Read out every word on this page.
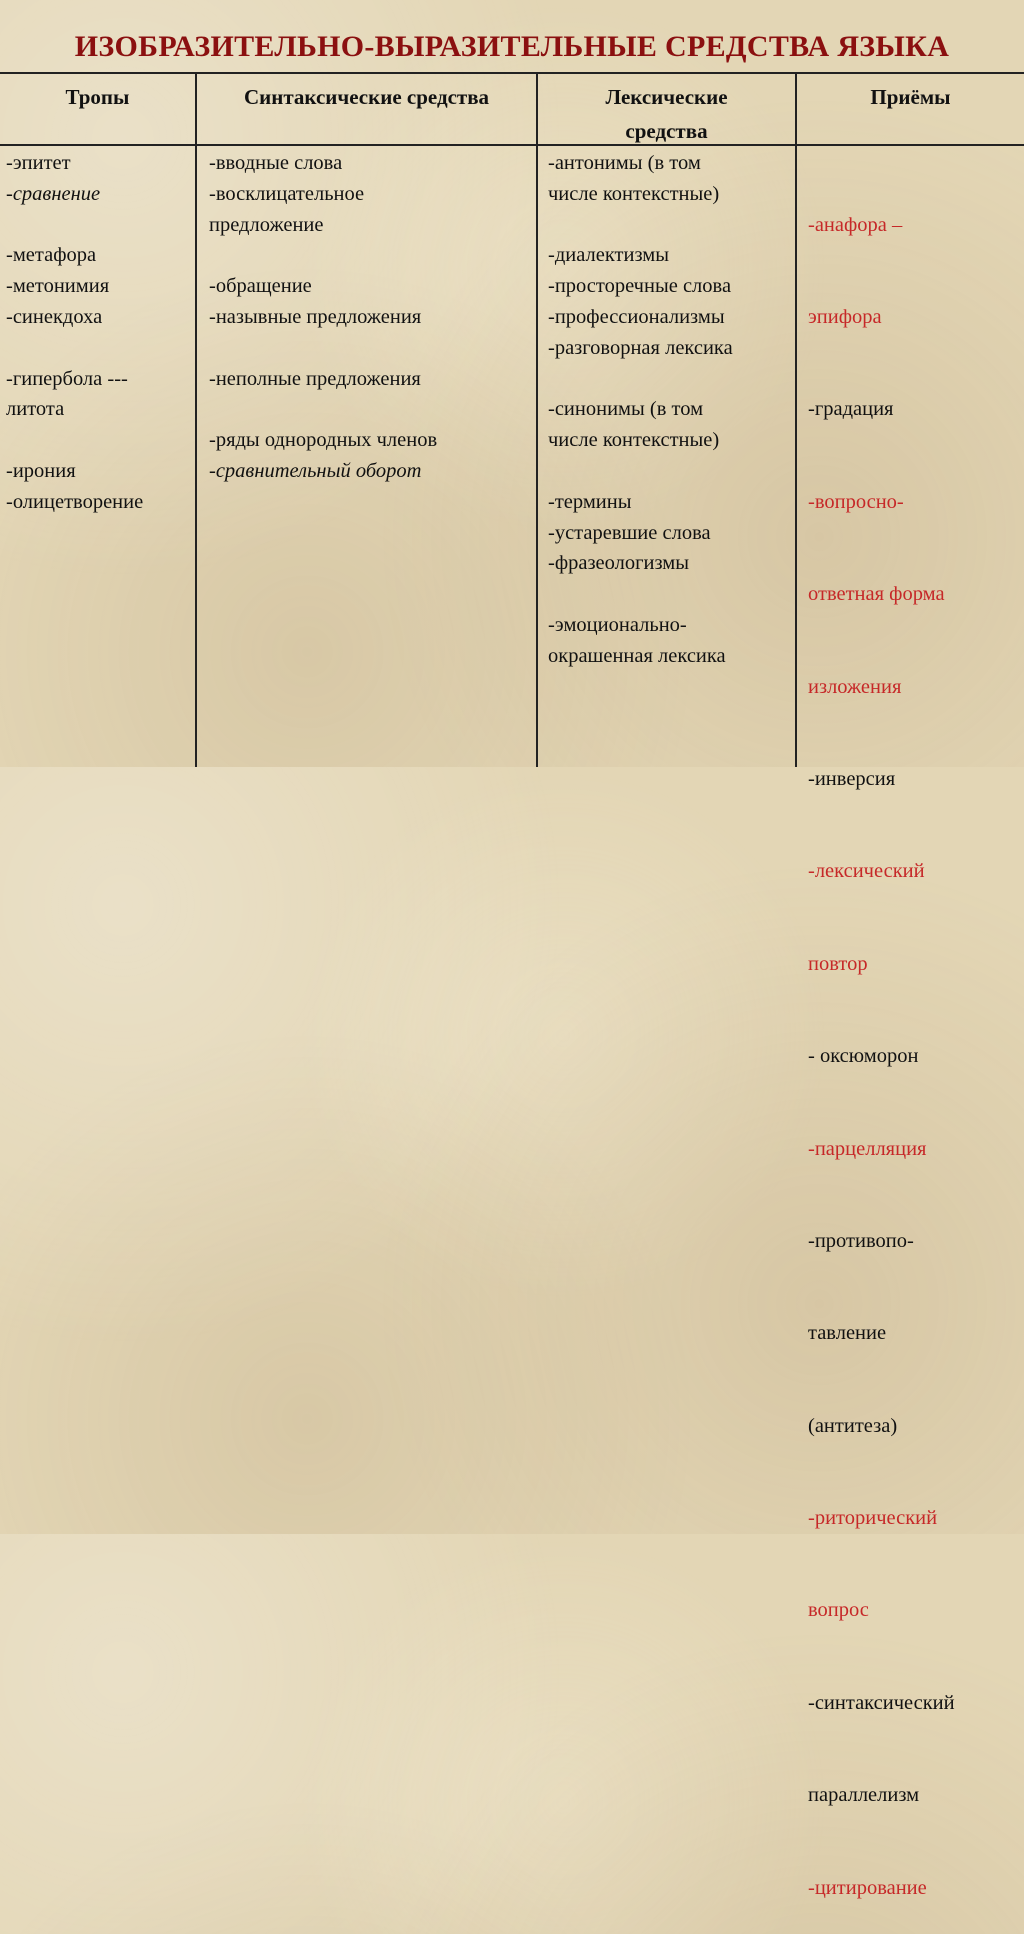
ИЗОБРАЗИТЕЛЬНО-ВЫРАЗИТЕЛЬНЫЕ СРЕДСТВА ЯЗЫКА
Тропы	Синтаксические средства	Лексические
средства
Приёмы
-эпитет
-сравнение

-метафора
-метонимия
-синекдоха

-гипербола ---
литота

-ирония
-олицетворение
-вводные слова
-восклицательное
предложение

-обращение
-назывные предложения

-неполные предложения

-ряды однородных членов
-сравнительный оборот
-антонимы (в том
числе контекстные)

-диалектизмы
-просторечные слова
-профессионализмы
-разговорная лексика

-синонимы (в том
числе контекстные)

-термины
-устаревшие слова
-фразеологизмы

-эмоционально-
окрашенная лексика

-анафора –

эпифора

-градация

-вопросно-

ответная форма

изложения

-инверсия

-лексический

повтор

- оксюморон

-парцелляция

-противопо-

тавление

(антитеза)

-риторический

вопрос

-синтаксический

параллелизм

-цитирование
